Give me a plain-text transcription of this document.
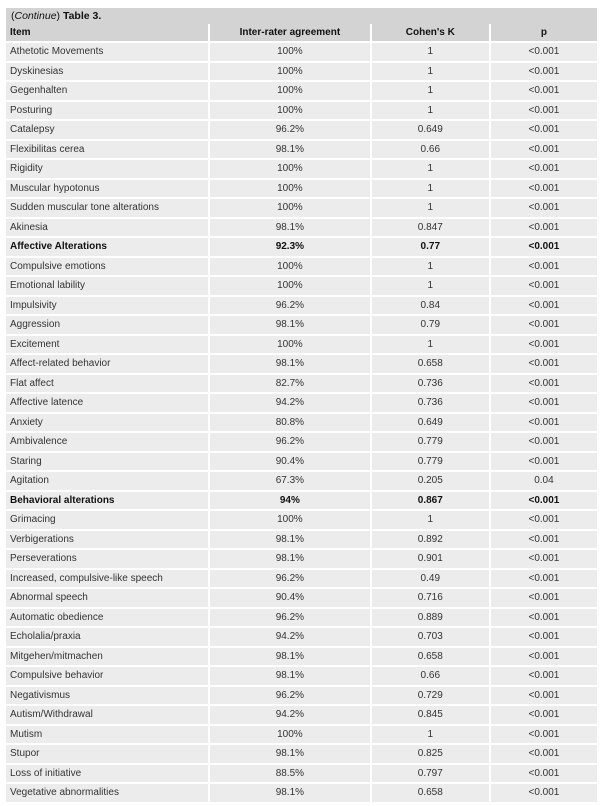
(Continue) Table 3.
Item	Inter-rater agreement	Cohen's K	p
Athetotic Movements	100%	1	<0.001
Dyskinesias	100%	1	<0.001
Gegenhalten	100%	1	<0.001
Posturing	100%	1	<0.001
Catalepsy	96.2%	0.649	<0.001
Flexibilitas cerea	98.1%	0.66	<0.001
Rigidity	100%	1	<0.001
Muscular hypotonus	100%	1	<0.001
Sudden muscular tone alterations	100%	1	<0.001
Akinesia	98.1%	0.847	<0.001
Affective Alterations	92.3%	0.77	<0.001
Compulsive emotions	100%	1	<0.001
Emotional lability	100%	1	<0.001
Impulsivity	96.2%	0.84	<0.001
Aggression	98.1%	0.79	<0.001
Excitement	100%	1	<0.001
Affect-related behavior	98.1%	0.658	<0.001
Flat affect	82.7%	0.736	<0.001
Affective latence	94.2%	0.736	<0.001
Anxiety	80.8%	0.649	<0.001
Ambivalence	96.2%	0.779	<0.001
Staring	90.4%	0.779	<0.001
Agitation	67.3%	0.205	0.04
Behavioral alterations	94%	0.867	<0.001
Grimacing	100%	1	<0.001
Verbigerations	98.1%	0.892	<0.001
Perseverations	98.1%	0.901	<0.001
Increased, compulsive-like speech	96.2%	0.49	<0.001
Abnormal speech	90.4%	0.716	<0.001
Automatic obedience	96.2%	0.889	<0.001
Echolalia/praxia	94.2%	0.703	<0.001
Mitgehen/mitmachen	98.1%	0.658	<0.001
Compulsive behavior	98.1%	0.66	<0.001
Negativismus	96.2%	0.729	<0.001
Autism/Withdrawal	94.2%	0.845	<0.001
Mutism	100%	1	<0.001
Stupor	98.1%	0.825	<0.001
Loss of initiative	88.5%	0.797	<0.001
Vegetative abnormalities	98.1%	0.658	<0.001
